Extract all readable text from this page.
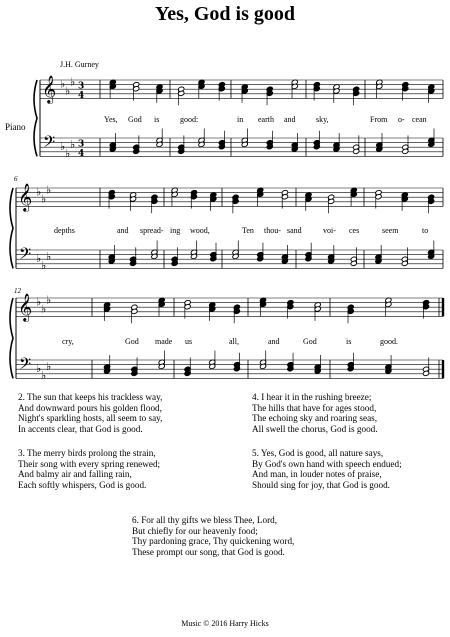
Yes, God is good
J.H. Gurney
Piano
6
12
𝄞
𝄢
♭
♭
♭
♭
♭
♭
3
4
3
4
𝄞
𝄢
♭
♭
♭
♭
♭
♭
𝄞
𝄢
♭
♭
♭
♭
♭
♭
Yes, God is	good:	in earth and	sky,	From o- cean
depths	and spread- ing wood,	Ten thou- sand	voi- ces	seem	to
cry,	God made us	all,	and	God	is	good.
2. The sun that keeps his trackless way,
And downward pours his golden flood,
Night's sparkling hosts, all seem to say,
In accents clear, that God is good.
3. The merry birds prolong the strain,
Their song with every spring renewed;
And balmy air and falling rain,
Each softly whispers, God is good.
4. I hear it in the rushing breeze;
The hills that have for ages stood,
The echoing sky and roaring seas,
All swell the chorus, God is good.
5. Yes, God is good, all nature says,
By God's own hand with speech endued;
And man, in louder notes of praise,
Should sing for joy, that God is good.
6. For all thy gifts we bless Thee, Lord,
But chiefly for our heavenly food;
Thy pardoning grace, Thy quickening word,
These prompt our song, that God is good.
Music © 2016 Harry Hicks
